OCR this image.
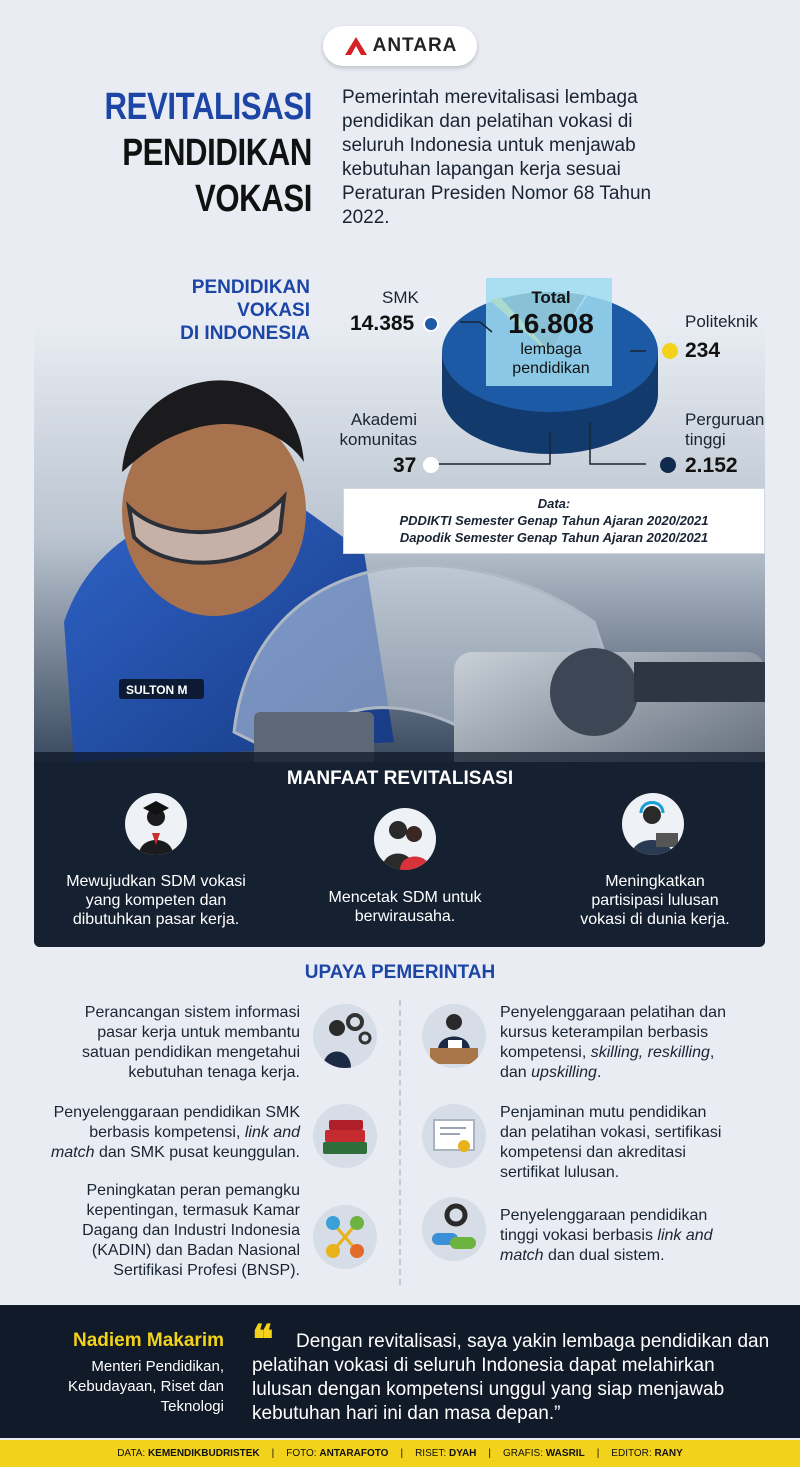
ANTARA
REVITALISASI
PENDIDIKAN
VOKASI

Pemerintah merevitalisasi lembaga pendidikan dan pelatihan vokasi di seluruh Indonesia untuk menjawab kebutuhan lapangan kerja sesuai Peraturan Presiden Nomor 68 Tahun 2022.

SULTON M
PENDIDIKAN
VOKASI
DI INDONESIA
Total
16.808
lembaga
pendidikan
SMK
14.385	Politeknik
234
Perguruan
tinggi
2.152
Akademi
komunitas
37
Data:
PDDIKTI Semester Genap Tahun Ajaran 2020/2021
Dapodik Semester Genap Tahun Ajaran 2020/2021
MANFAAT REVITALISASI
Mewujudkan SDM vokasi
yang kompeten dan
dibutuhkan pasar kerja.
Mencetak SDM untuk
berwirausaha.
Meningkatkan
partisipasi lulusan
vokasi di dunia kerja.
UPAYA PEMERINTAH
Perancangan sistem informasi
pasar kerja untuk membantu
satuan pendidikan mengetahui
kebutuhan tenaga kerja.
Penyelenggaraan pendidikan SMK
berbasis kompetensi, link and
match dan SMK pusat keunggulan.
Peningkatan peran pemangku
kepentingan, termasuk Kamar
Dagang dan Industri Indonesia
(KADIN) dan Badan Nasional
Sertifikasi Profesi (BNSP).
Penyelenggaraan pelatihan dan
kursus keterampilan berbasis
kompetensi, skilling, reskilling,
dan upskilling.
Penjaminan mutu pendidikan
dan pelatihan vokasi, sertifikasi
kompetensi dan akreditasi
sertifikat lulusan.
Penyelenggaraan pendidikan
tinggi vokasi berbasis link and
match dan dual sistem.
Nadiem Makarim
Menteri Pendidikan,
Kebudayaan, Riset dan
Teknologi
❝	Dengan revitalisasi, saya yakin lembaga pendidikan dan pelatihan vokasi di seluruh Indonesia dapat melahirkan lulusan dengan kompetensi unggul yang siap menjawab kebutuhan hari ini dan masa depan.”

DATA: KEMENDIKBUDRISTEK	|	FOTO: ANTARAFOTO	|	RISET: DYAH	|	GRAFIS: WASRIL	|	EDITOR: RANY
